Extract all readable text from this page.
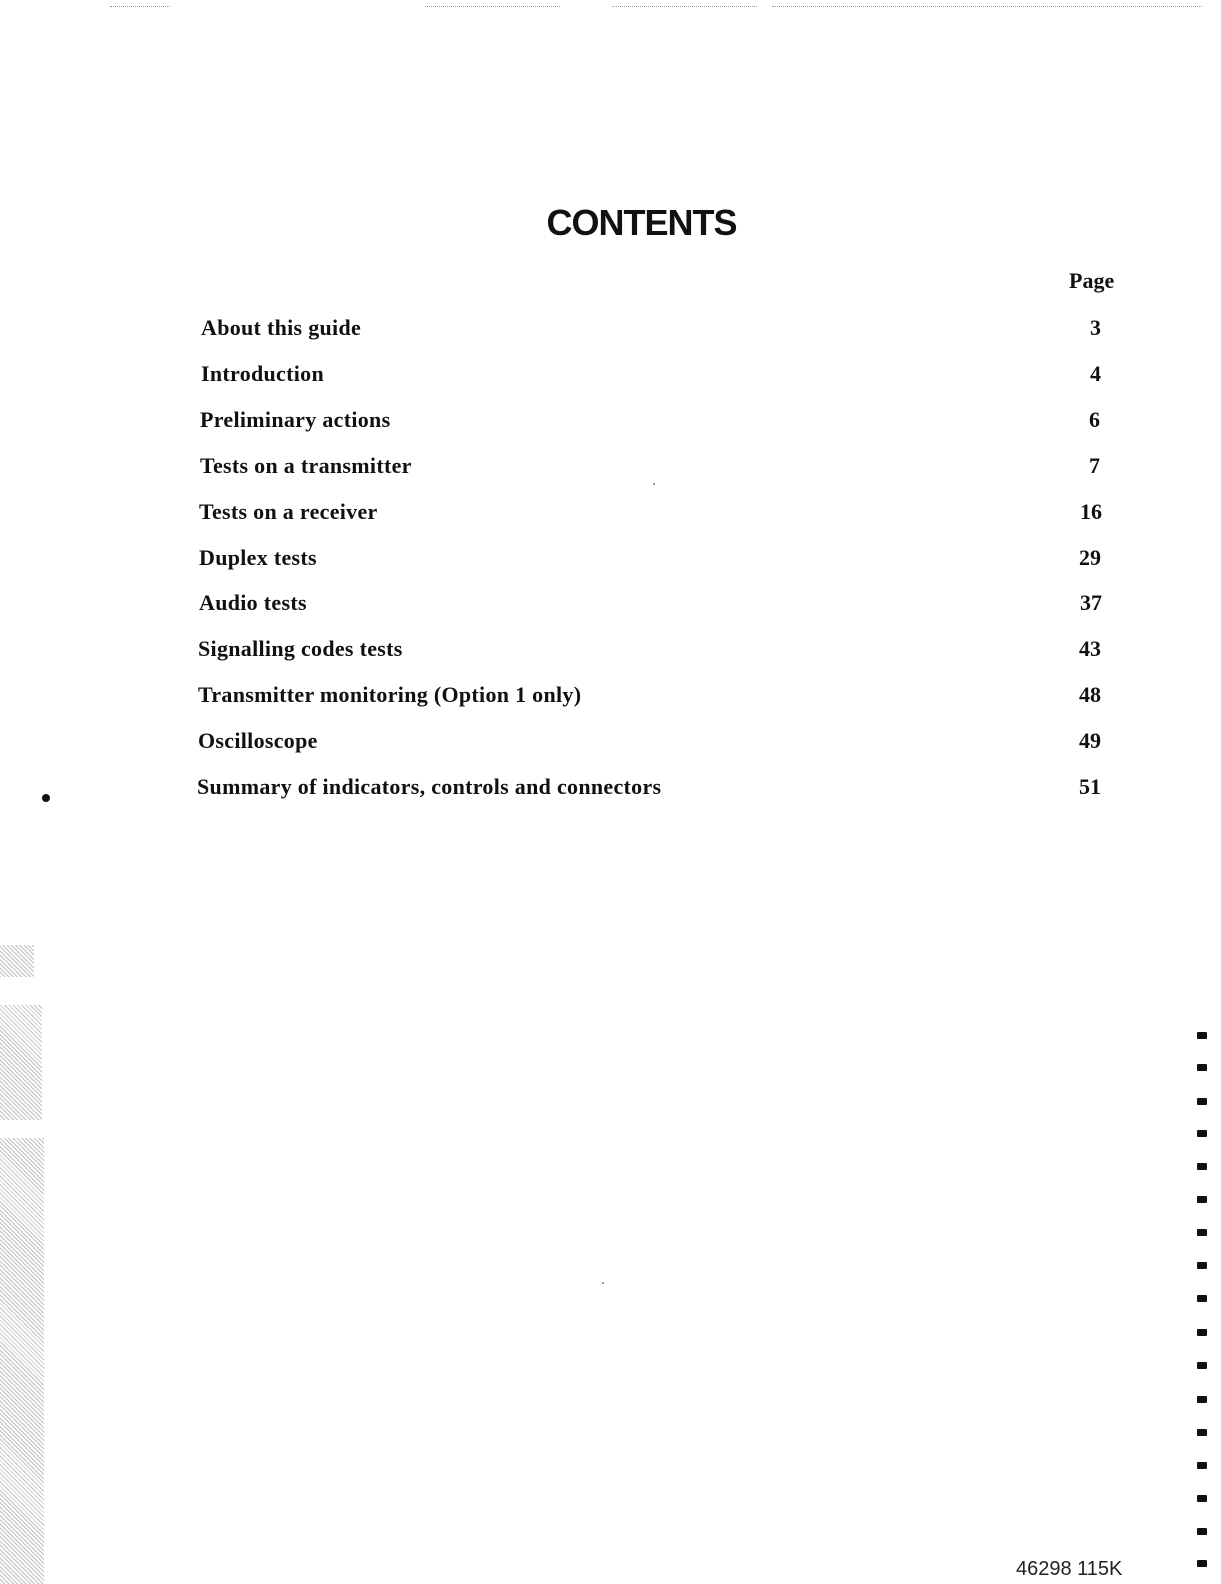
CONTENTS
Page
About this guide	3
Introduction	4
Preliminary actions	6
Tests on a transmitter	7
Tests on a receiver	16
Duplex tests	29
Audio tests	37
Signalling codes tests	43
Transmitter monitoring (Option 1 only)	48
Oscilloscope	49
Summary of indicators, controls and connectors	51
46298 115K
